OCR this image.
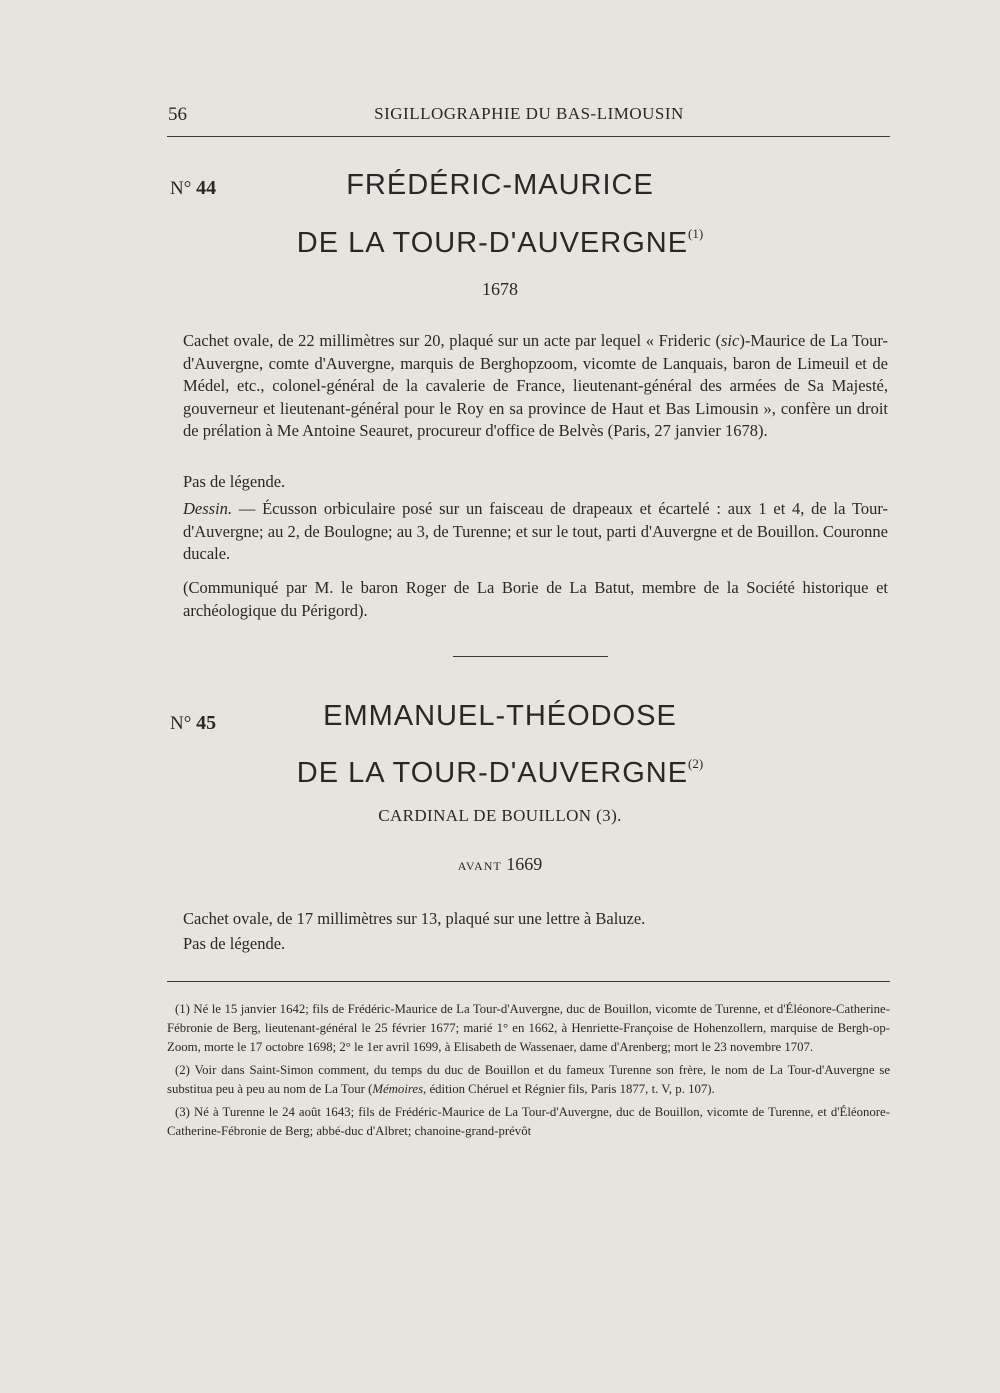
56	SIGILLOGRAPHIE DU BAS-LIMOUSIN
N° 44	FRÉDÉRIC-MAURICE
DE LA TOUR-D'AUVERGNE$^{(1)}$
1678
Cachet ovale, de 22 millimètres sur 20, plaqué sur un acte par lequel « Frideric (sic)-Maurice de La Tour-d'Auvergne, comte d'Auvergne, marquis de Berghopzoom, vicomte de Lanquais, baron de Limeuil et de Médel, etc., colonel-général de la cavalerie de France, lieutenant-général des armées de Sa Majesté, gouverneur et lieutenant-général pour le Roy en sa province de Haut et Bas Limousin », confère un droit de prélation à Me Antoine Seauret, procureur d'office de Belvès (Paris, 27 janvier 1678).
Pas de légende.
Dessin. — Écusson orbiculaire posé sur un faisceau de drapeaux et écartelé : aux 1 et 4, de la Tour-d'Auvergne; au 2, de Boulogne; au 3, de Turenne; et sur le tout, parti d'Auvergne et de Bouillon. Couronne ducale.
(Communiqué par M. le baron Roger de La Borie de La Batut, membre de la Société historique et archéologique du Périgord).
N° 45	EMMANUEL-THÉODOSE
DE LA TOUR-D'AUVERGNE$^{(2)}$
CARDINAL DE BOUILLON (3).
AVANT 1669
Cachet ovale, de 17 millimètres sur 13, plaqué sur une lettre à Baluze.
Pas de légende.

(1) Né le 15 janvier 1642; fils de Frédéric-Maurice de La Tour-d'Auvergne, duc de Bouillon, vicomte de Turenne, et d'Éléonore-Catherine-Fébronie de Berg, lieutenant-général le 25 février 1677; marié 1° en 1662, à Henriette-Françoise de Hohenzollern, marquise de Bergh-op-Zoom, morte le 17 octobre 1698; 2° le 1er avril 1699, à Elisabeth de Wassenaer, dame d'Arenberg; mort le 23 novembre 1707.

(2) Voir dans Saint-Simon comment, du temps du duc de Bouillon et du fameux Turenne son frère, le nom de La Tour-d'Auvergne se substitua peu à peu au nom de La Tour (Mémoires, édition Chéruel et Régnier fils, Paris 1877, t. V, p. 107).

(3) Né à Turenne le 24 août 1643; fils de Frédéric-Maurice de La Tour-d'Auvergne, duc de Bouillon, vicomte de Turenne, et d'Éléonore-Catherine-Fébronie de Berg; abbé-duc d'Albret; chanoine-grand-prévôt
